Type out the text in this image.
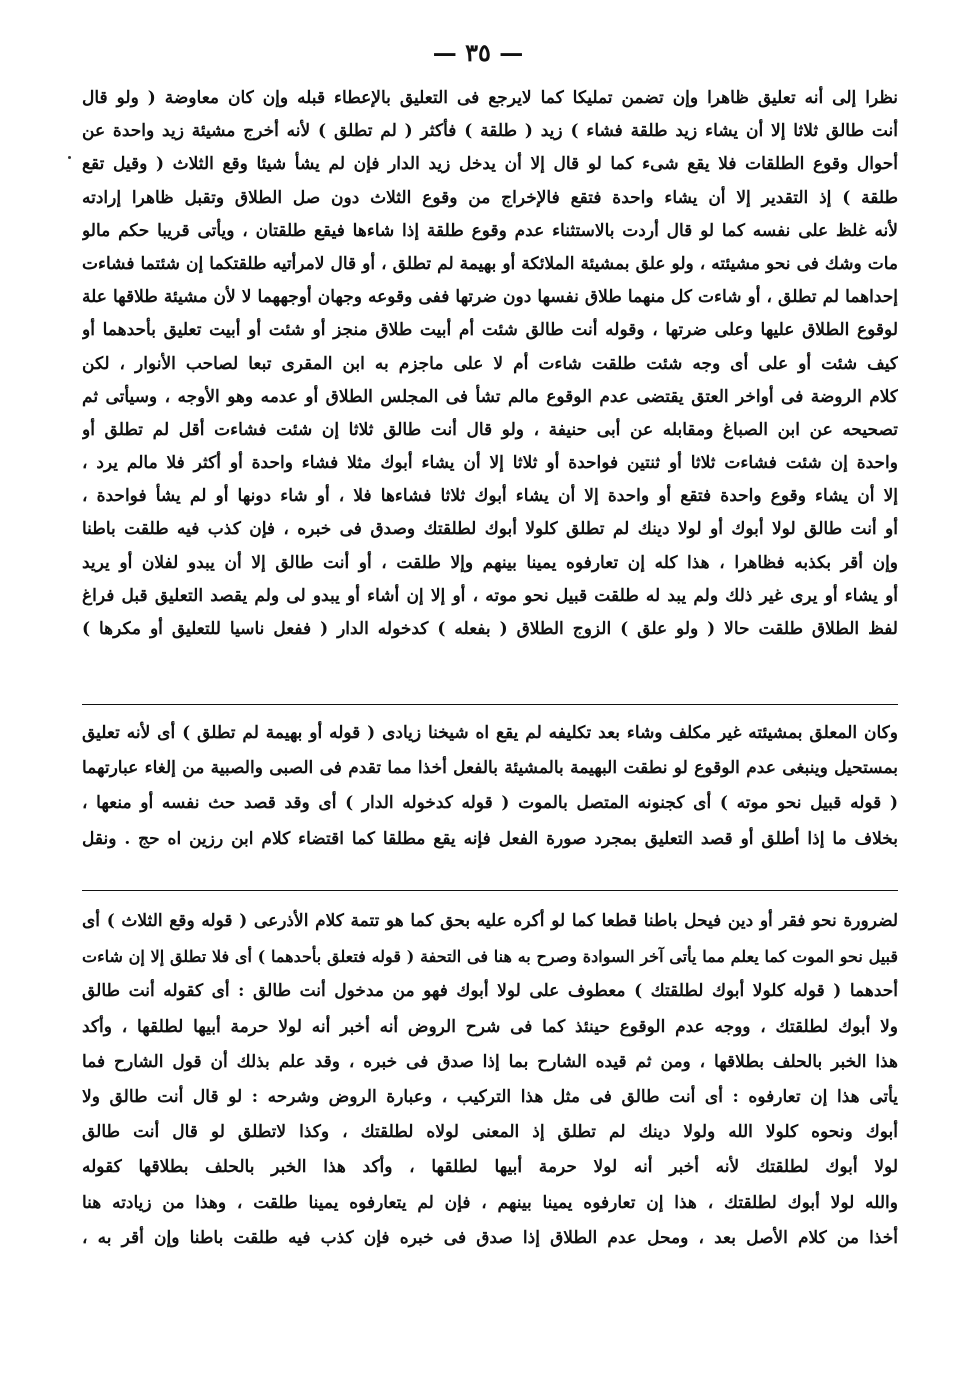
— ٣٥ —
نظرا إلى أنه تعليق ظاهرا وإن تضمن تمليكا كما لايرجع فى التعليق بالإعطاء قبله وإن كان معاوضة ( ولو قال
أنت طالق ثلاثا إلا أن يشاء زيد طلقة فشاء ) زيد ( طلقة ) فأكثر ( لم تطلق ) لأنه أخرج مشيئة زيد واحدة عن
أحوال وقوع الطلقات فلا يقع شىء كما لو قال إلا أن يدخل زيد الدار فإن لم يشأ شيئا وقع الثلاث ( وقيل تقع
طلقة ) إذ التقدير إلا أن يشاء واحدة فتقع فالإخراج من وقوع الثلاث دون صل الطلاق وتقبل ظاهرا إرادته
لأنه غلظ على نفسه كما لو قال أردت بالاستثناء عدم وقوع طلقة إذا شاءها فيقع طلقتان ، ويأتى قريبا حكم مالو
مات وشك فى نحو مشيئته ، ولو علق بمشيئة الملائكة أو بهيمة لم تطلق ، أو قال لامرأتيه طلقتكما إن شئتما فشاءت
إحداهما لم تطلق ، أو شاءت كل منهما طلاق نفسها دون ضرتها ففى وقوعه وجهان أوجههما لا لأن مشيئة طلاقها علة
لوقوع الطلاق عليها وعلى ضرتها ، وقوله أنت طالق شئت أم أبيت طلاق منجز أو شئت أو أبيت تعليق بأحدهما أو
كيف شئت أو على أى وجه شئت طلقت شاءت أم لا على ماجزم به ابن المقرى تبعا لصاحب الأنوار ، لكن
كلام الروضة فى أواخر العتق يقتضى عدم الوقوع مالم تشأ فى المجلس الطلاق أو عدمه وهو الأوجه ، وسيأتى ثم
تصحيحه عن ابن الصباغ ومقابله عن أبى حنيفة ، ولو قال أنت طالق ثلاثا إن شئت فشاءت أقل لم تطلق أو
واحدة إن شئت فشاءت ثلاثا أو ثنتين فواحدة أو ثلاثا إلا أن يشاء أبوك مثلا فشاء واحدة أو أكثر فلا مالم يرد ،
إلا أن يشاء وقوع واحدة فتقع أو واحدة إلا أن يشاء أبوك ثلاثا فشاءها فلا ، أو شاء دونها أو لم يشأ فواحدة ،
أو أنت طالق لولا أبوك أو لولا دينك لم تطلق كلولا أبوك لطلقتك وصدق فى خبره ، فإن كذب فيه طلقت باطنا
وإن أقر بكذبه فظاهرا ، هذا كله إن تعارفوه يمينا بينهم وإلا طلقت ، أو أنت طالق إلا أن يبدو لفلان أو يريد
أو يشاء أو يرى غير ذلك ولم يبد له طلقت قبيل نحو موته ، أو إلا إن أشاء أو يبدو لى ولم يقصد التعليق قبل فراغ
لفظ الطلاق طلقت حالا ( ولو علق ) الزوج الطلاق ( بفعله ) كدخوله الدار ( ففعل ناسيا للتعليق أو مكرها )
وكان المعلق بمشيئته غير مكلف وشاء بعد تكليفه لم يقع اه شيخنا زيادى ( قوله أو بهيمة لم تطلق ) أى لأنه تعليق
بمستحيل وينبغى عدم الوقوع لو نطقت البهيمة بالمشيئة بالفعل أخذا مما تقدم فى الصبى والصبية من إلغاء عبارتهما
( قوله قبيل نحو موته ) أى كجنونه المتصل بالموت ( قوله كدخوله الدار ) أى وقد قصد حث نفسه أو منعها ،
بخلاف ما إذا أطلق أو قصد التعليق بمجرد صورة الفعل فإنه يقع مطلقا كما اقتضاء كلام ابن رزين اه حج . ونقل
لضرورة نحو فقر أو دين فيحل باطنا قطعا كما لو أكره عليه بحق كما هو تتمة كلام الأذرعى ( قوله وقع الثلاث ) أى
قبيل نحو الموت كما يعلم مما يأتى آخر السوادة وصرح به هنا فى التحفة ( قوله فتعلق بأحدهما ) أى فلا تطلق إلا إن شاءت
أحدهما ( قوله كلولا أبوك لطلقتك ) معطوف على لولا أبوك فهو من مدخول أنت طالق : أى كقوله أنت طالق
ولا أبوك لطلقتك ، ووجه عدم الوقوع حينئذ كما فى شرح الروض أنه أخبر أنه لولا حرمة أبيها لطلقها ، وأكد
هذا الخبر بالحلف بطلاقها ، ومن ثم قيده الشارح بما إذا صدق فى خبره ، وقد علم بذلك أن قول الشارح فما
يأتى هذا إن تعارفوه : أى أنت طالق فى مثل هذا التركيب ، وعبارة الروض وشرحه : لو قال أنت طالق ولا
أبوك ونحوه كلولا الله ولولا دينك لم تطلق إذ المعنى لولاه لطلقتك ، وكذا لاتطلق لو قال أنت طالق
لولا أبوك لطلقتك لأنه أخبر أنه لولا حرمة أبيها لطلقها ، وأكد هذا الخبر بالحلف بطلاقها كقوله
والله لولا أبوك لطلقتك ، هذا إن تعارفوه يمينا بينهم ، فإن لم يتعارفوه يمينا طلقت ، وهذا من زيادته هنا
أخذا من كلام الأصل بعد ، ومحل عدم الطلاق إذا صدق فى خبره فإن كذب فيه طلقت باطنا وإن أقر به ،
